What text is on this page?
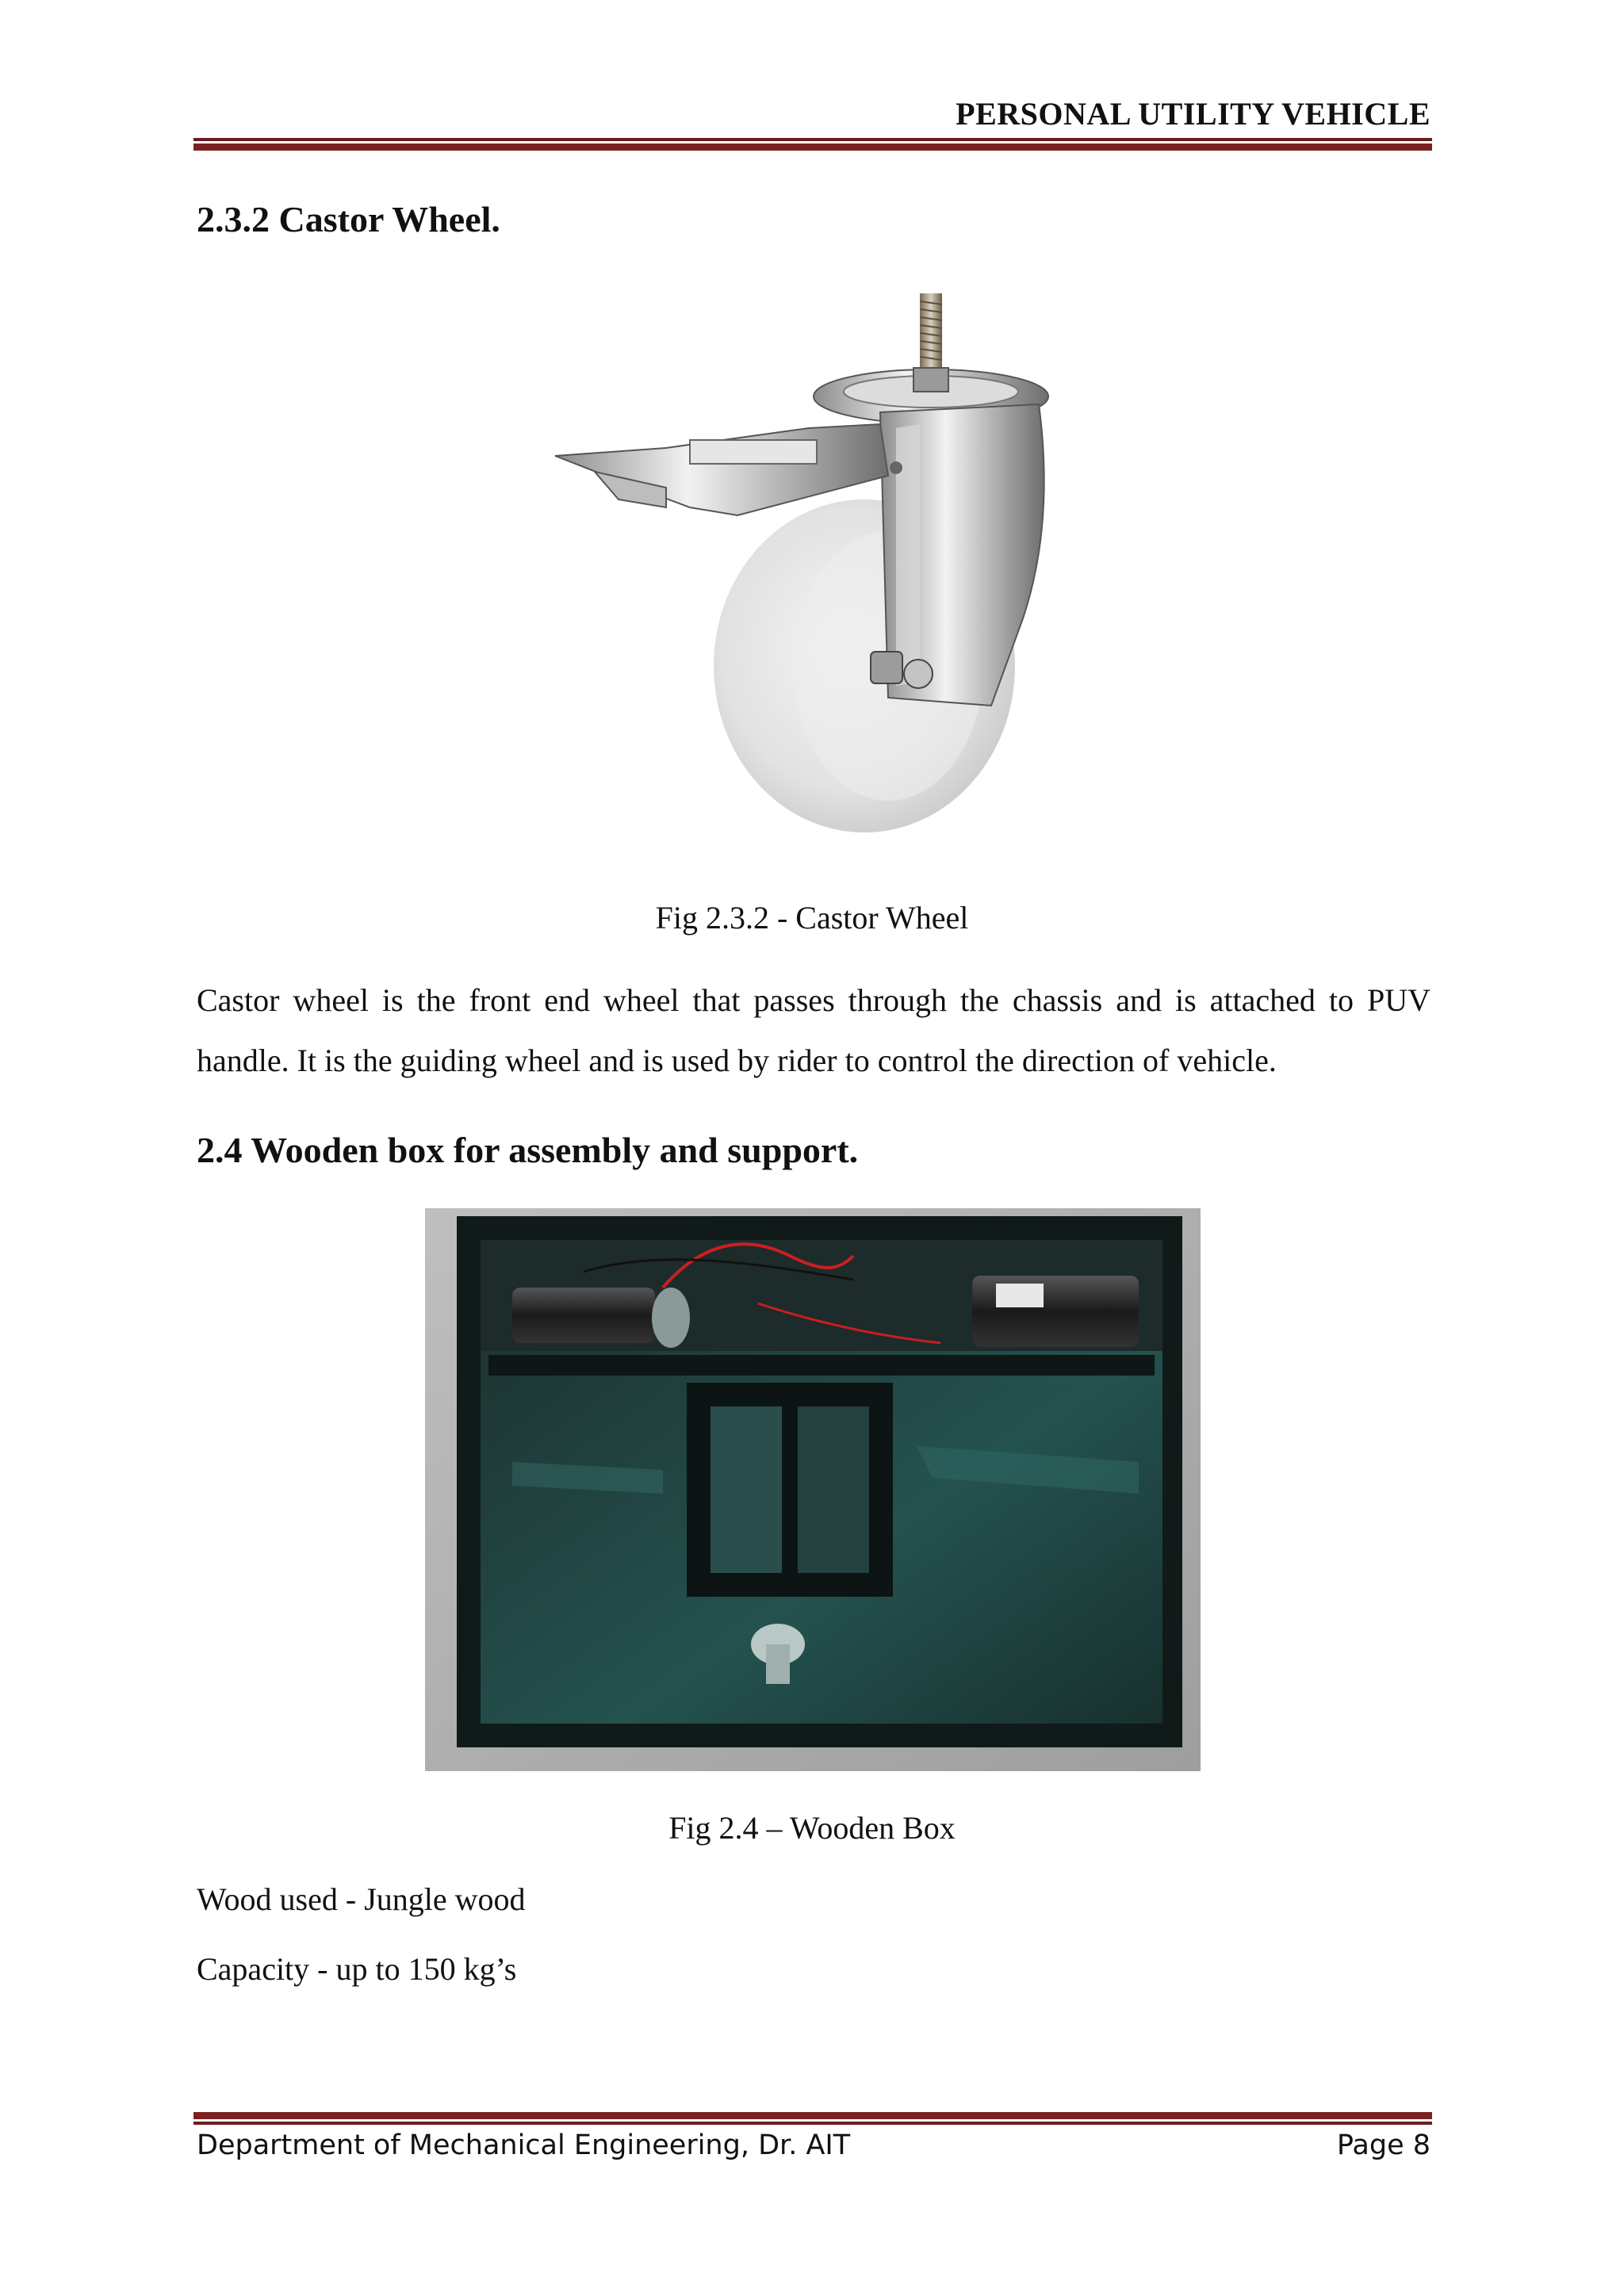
PERSONAL UTILITY VEHICLE
2.3.2 Castor Wheel.
Fig 2.3.2 - Castor Wheel

Castor wheel is the front end wheel that passes through the chassis and is attached to PUV handle. It is the guiding wheel and is used by rider to control the direction of vehicle.

2.4 Wooden box for assembly and support.
Fig 2.4 – Wooden Box
Wood used - Jungle wood
Capacity - up to 150 kg’s
Department of Mechanical Engineering, Dr. AIT	Page 8
